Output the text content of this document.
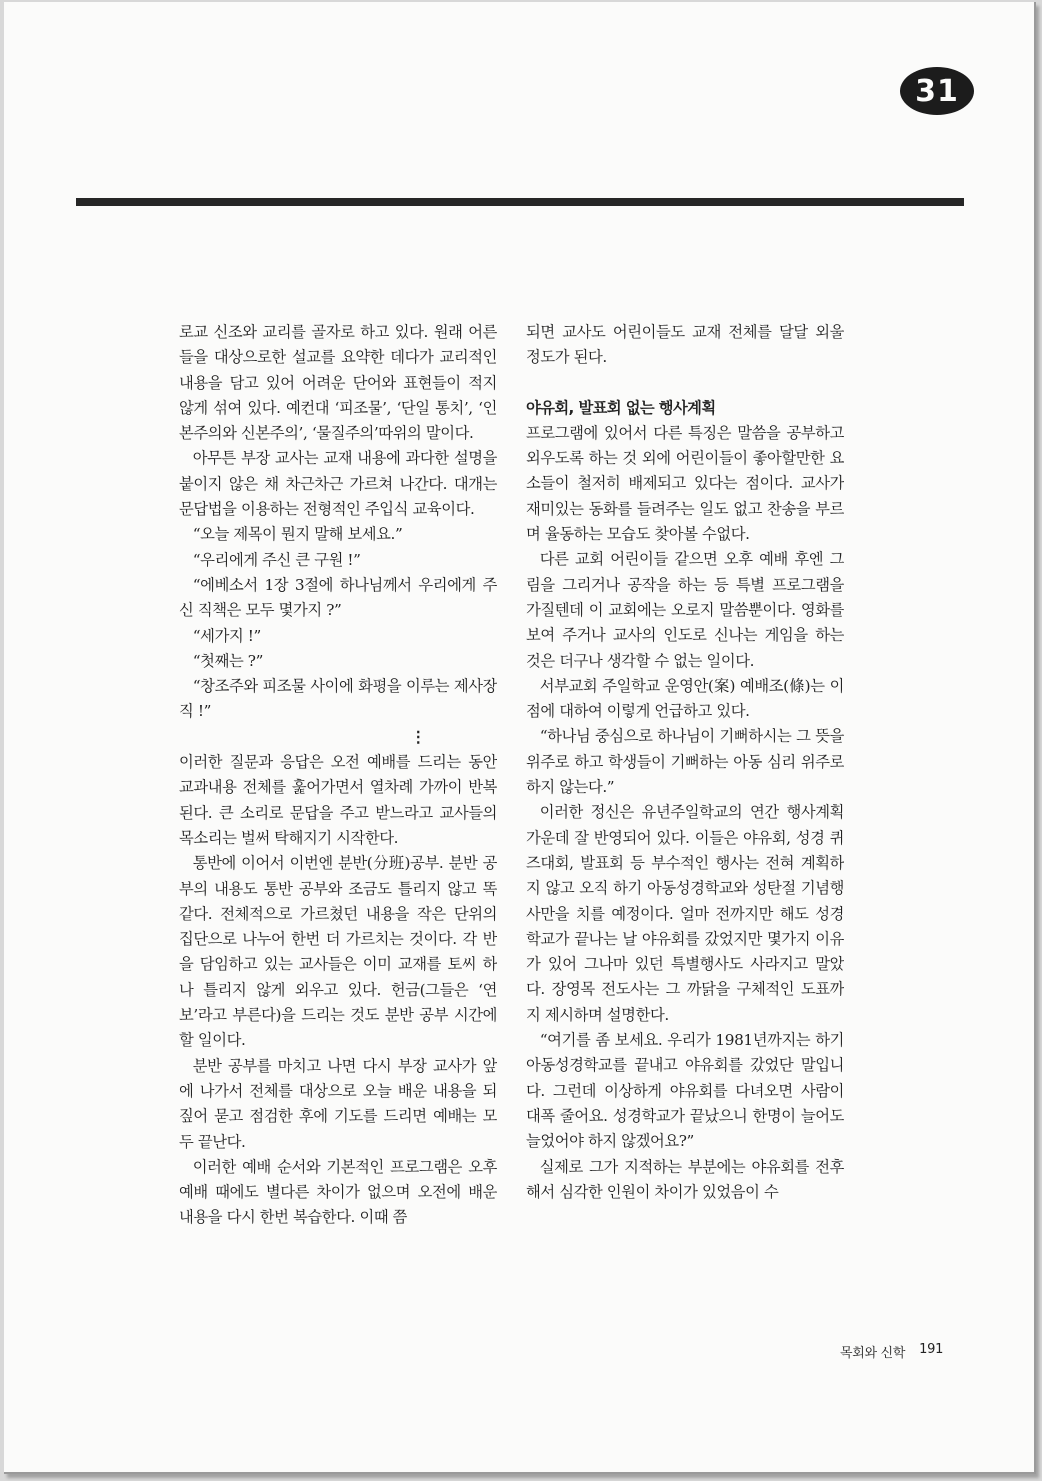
31

로교 신조와 교리를 골자로 하고 있다. 원래 어른들을 대상으로한 설교를 요약한 데다가 교리적인 내용을 담고 있어 어려운 단어와 표현들이 적지 않게 섞여 있다. 예컨대 ‘피조물’, ‘단일 통치’, ‘인본주의와 신본주의’, ‘물질주의’따위의 말이다.

아무튼 부장 교사는 교재 내용에 과다한 설명을 붙이지 않은 채 차근차근 가르쳐 나간다. 대개는 문답법을 이용하는 전형적인 주입식 교육이다.

“오늘 제목이 뭔지 말해 보세요.”

“우리에게 주신 큰 구원 !”

“에베소서 1장 3절에 하나님께서 우리에게 주신 직책은 모두 몇가지 ?”

“세가지 !”

“첫째는 ?”

“창조주와 피조물 사이에 화평을 이루는 제사장직 !”

⋮

이러한 질문과 응답은 오전 예배를 드리는 동안 교과내용 전체를 훑어가면서 열차례 가까이 반복된다. 큰 소리로 문답을 주고 받느라고 교사들의 목소리는 벌써 탁해지기 시작한다.

통반에 이어서 이번엔 분반(分班)공부. 분반 공부의 내용도 통반 공부와 조금도 틀리지 않고 똑같다. 전체적으로 가르쳤던 내용을 작은 단위의 집단으로 나누어 한번 더 가르치는 것이다. 각 반을 담임하고 있는 교사들은 이미 교재를 토씨 하나 틀리지 않게 외우고 있다. 헌금(그들은 ‘연보’라고 부른다)을 드리는 것도 분반 공부 시간에 할 일이다.

분반 공부를 마치고 나면 다시 부장 교사가 앞에 나가서 전체를 대상으로 오늘 배운 내용을 되짚어 묻고 점검한 후에 기도를 드리면 예배는 모두 끝난다.

이러한 예배 순서와 기본적인 프로그램은 오후 예배 때에도 별다른 차이가 없으며 오전에 배운 내용을 다시 한번 복습한다. 이때 쯤

되면 교사도 어린이들도 교재 전체를 달달 외울 정도가 된다.

야유회, 발표회 없는 행사계획

프로그램에 있어서 다른 특징은 말씀을 공부하고 외우도록 하는 것 외에 어린이들이 좋아할만한 요소들이 철저히 배제되고 있다는 점이다. 교사가 재미있는 동화를 들려주는 일도 없고 찬송을 부르며 율동하는 모습도 찾아볼 수없다.

다른 교회 어린이들 같으면 오후 예배 후엔 그림을 그리거나 공작을 하는 등 특별 프로그램을 가질텐데 이 교회에는 오로지 말씀뿐이다. 영화를 보여 주거나 교사의 인도로 신나는 게임을 하는 것은 더구나 생각할 수 없는 일이다.

서부교회 주일학교 운영안(案) 예배조(條)는 이점에 대하여 이렇게 언급하고 있다.

“하나님 중심으로 하나님이 기뻐하시는 그 뜻을 위주로 하고 학생들이 기뻐하는 아동 심리 위주로 하지 않는다.”

이러한 정신은 유년주일학교의 연간 행사계획 가운데 잘 반영되어 있다. 이들은 야유회, 성경 퀴즈대회, 발표회 등 부수적인 행사는 전혀 계획하지 않고 오직 하기 아동성경학교와 성탄절 기념행사만을 치를 예정이다. 얼마 전까지만 해도 성경학교가 끝나는 날 야유회를 갔었지만 몇가지 이유가 있어 그나마 있던 특별행사도 사라지고 말았다. 장영목 전도사는 그 까닭을 구체적인 도표까지 제시하며 설명한다.

“여기를 좀 보세요. 우리가 1981년까지는 하기 아동성경학교를 끝내고 야유회를 갔었단 말입니다. 그런데 이상하게 야유회를 다녀오면 사람이 대폭 줄어요. 성경학교가 끝났으니 한명이 늘어도 늘었어야 하지 않겠어요?”

실제로 그가 지적하는 부분에는 야유회를 전후해서 심각한 인원이 차이가 있었음이 수

목회와 신학 191
